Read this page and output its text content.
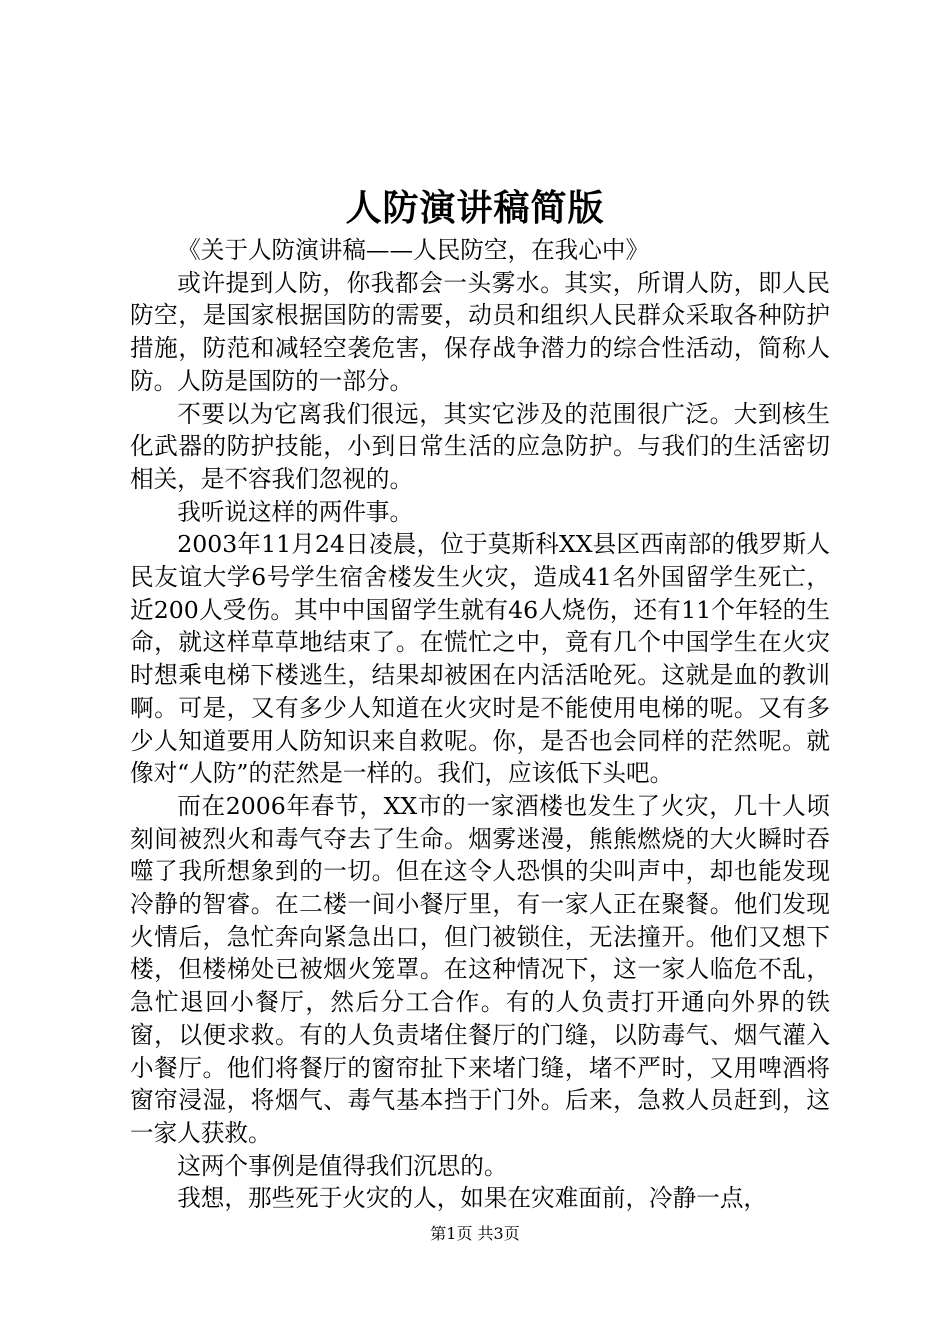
人防演讲稿简版

《关于人防演讲稿——人民防空，在我心中》

或许提到人防，你我都会一头雾水。其实，所谓人防，即人民防空，是国家根据国防的需要，动员和组织人民群众采取各种防护措施，防范和减轻空袭危害，保存战争潜力的综合性活动，简称人防。人防是国防的一部分。

不要以为它离我们很远，其实它涉及的范围很广泛。大到核生化武器的防护技能，小到日常生活的应急防护。与我们的生活密切相关，是不容我们忽视的。

我听说这样的两件事。

2003年11月24日凌晨，位于莫斯科XX县区西南部的俄罗斯人民友谊大学6号学生宿舍楼发生火灾，造成41名外国留学生死亡，近200人受伤。其中中国留学生就有46人烧伤，还有11个年轻的生命，就这样草草地结束了。在慌忙之中，竟有几个中国学生在火灾时想乘电梯下楼逃生，结果却被困在内活活呛死。这就是血的教训啊。可是，又有多少人知道在火灾时是不能使用电梯的呢。又有多少人知道要用人防知识来自救呢。你，是否也会同样的茫然呢。就像对“人防”的茫然是一样的。我们，应该低下头吧。

而在2006年春节，XX市的一家酒楼也发生了火灾，几十人顷刻间被烈火和毒气夺去了生命。烟雾迷漫，熊熊燃烧的大火瞬时吞噬了我所想象到的一切。但在这令人恐惧的尖叫声中，却也能发现冷静的智睿。在二楼一间小餐厅里，有一家人正在聚餐。他们发现火情后，急忙奔向紧急出口，但门被锁住，无法撞开。他们又想下楼，但楼梯处已被烟火笼罩。在这种情况下，这一家人临危不乱，急忙退回小餐厅，然后分工合作。有的人负责打开通向外界的铁窗，以便求救。有的人负责堵住餐厅的门缝，以防毒气、烟气灌入小餐厅。他们将餐厅的窗帘扯下来堵门缝，堵不严时，又用啤酒将窗帘浸湿，将烟气、毒气基本挡于门外。后来，急救人员赶到，这一家人获救。

这两个事例是值得我们沉思的。

我想，那些死于火灾的人，如果在灾难面前，冷静一点，

第1页 共3页
